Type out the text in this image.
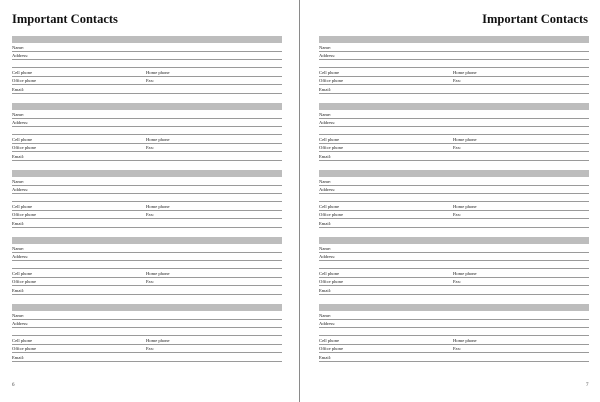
Important Contacts
6
Name:
Address:
Cell phone	Home phone
Office phone	Fax:
Email:
Name:
Address:
Cell phone	Home phone
Office phone	Fax:
Email:
Name:
Address:
Cell phone	Home phone
Office phone	Fax:
Email:
Name:
Address:
Cell phone	Home phone
Office phone	Fax:
Email:
Name:
Address:
Cell phone	Home phone
Office phone	Fax:
Email:
Important Contacts
7
Name:
Address:
Cell phone	Home phone
Office phone	Fax:
Email:
Name:
Address:
Cell phone	Home phone
Office phone	Fax:
Email:
Name:
Address:
Cell phone	Home phone
Office phone	Fax:
Email:
Name:
Address:
Cell phone	Home phone
Office phone	Fax:
Email:
Name:
Address:
Cell phone	Home phone
Office phone	Fax:
Email:
